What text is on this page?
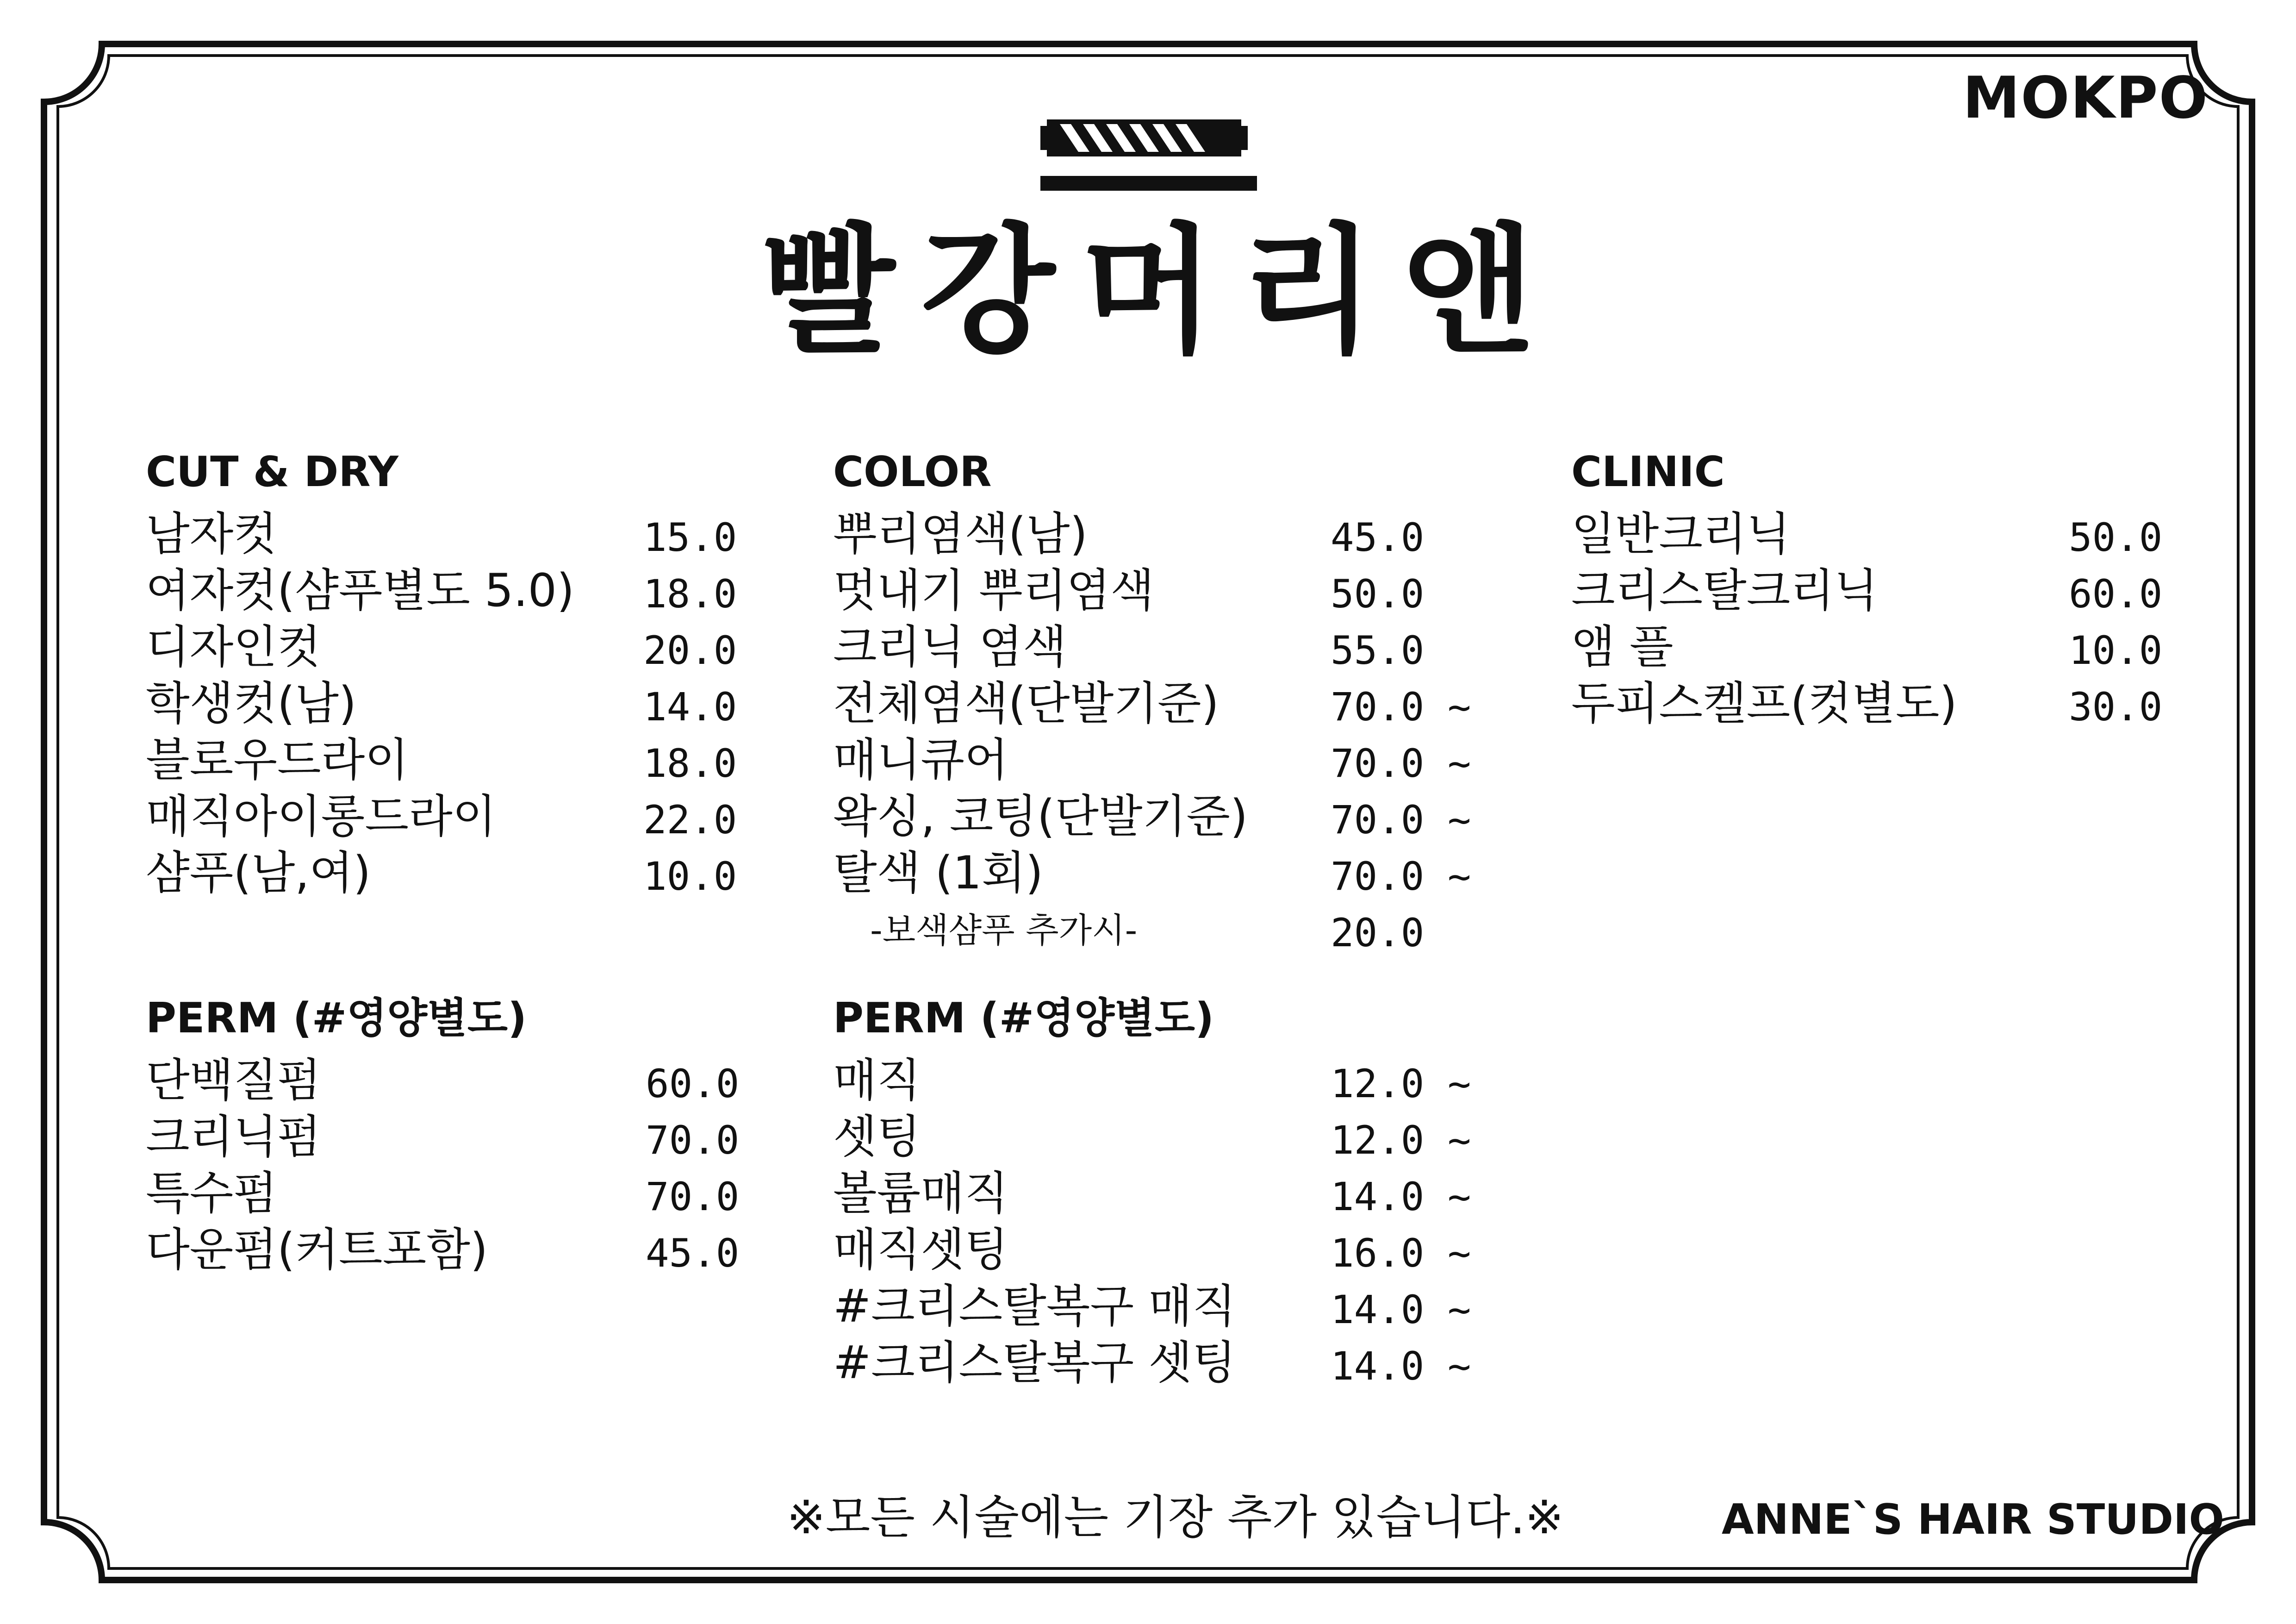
MOKPO
빨강머리앤
CUT & DRY
남자컷	15.0
여자컷(샴푸별도 5.0) 18.0
디자인컷	20.0
학생컷(남)	14.0
블로우드라이	18.0
매직아이롱드라이	22.0
샴푸(남,여)	10.0
PERM (#영양별도)
단백질펌	60.0
크리닉펌	70.0
특수펌	70.0
다운펌(커트포함)	45.0
COLOR
뿌리염색(남)	45.0
멋내기 뿌리염색	50.0
크리닉 염색	55.0
전체염색(단발기준)	70.0 ~
매니큐어	70.0 ~
왁싱, 코팅(단발기준) 70.0 ~
탈색 (1회)	70.0 ~
-보색샴푸 추가시-	20.0
PERM (#영양별도)
매직	12.0 ~
셋팅	12.0 ~
볼륨매직	14.0 ~
매직셋팅	16.0 ~
#크리스탈복구 매직 14.0 ~
#크리스탈복구 셋팅 14.0 ~
CLINIC
일반크리닉	50.0
크리스탈크리닉	60.0
앰 플	10.0
두피스켈프(컷별도)	30.0
※모든 시술에는 기장 추가 있습니다.※	ANNE`S HAIR STUDIO
